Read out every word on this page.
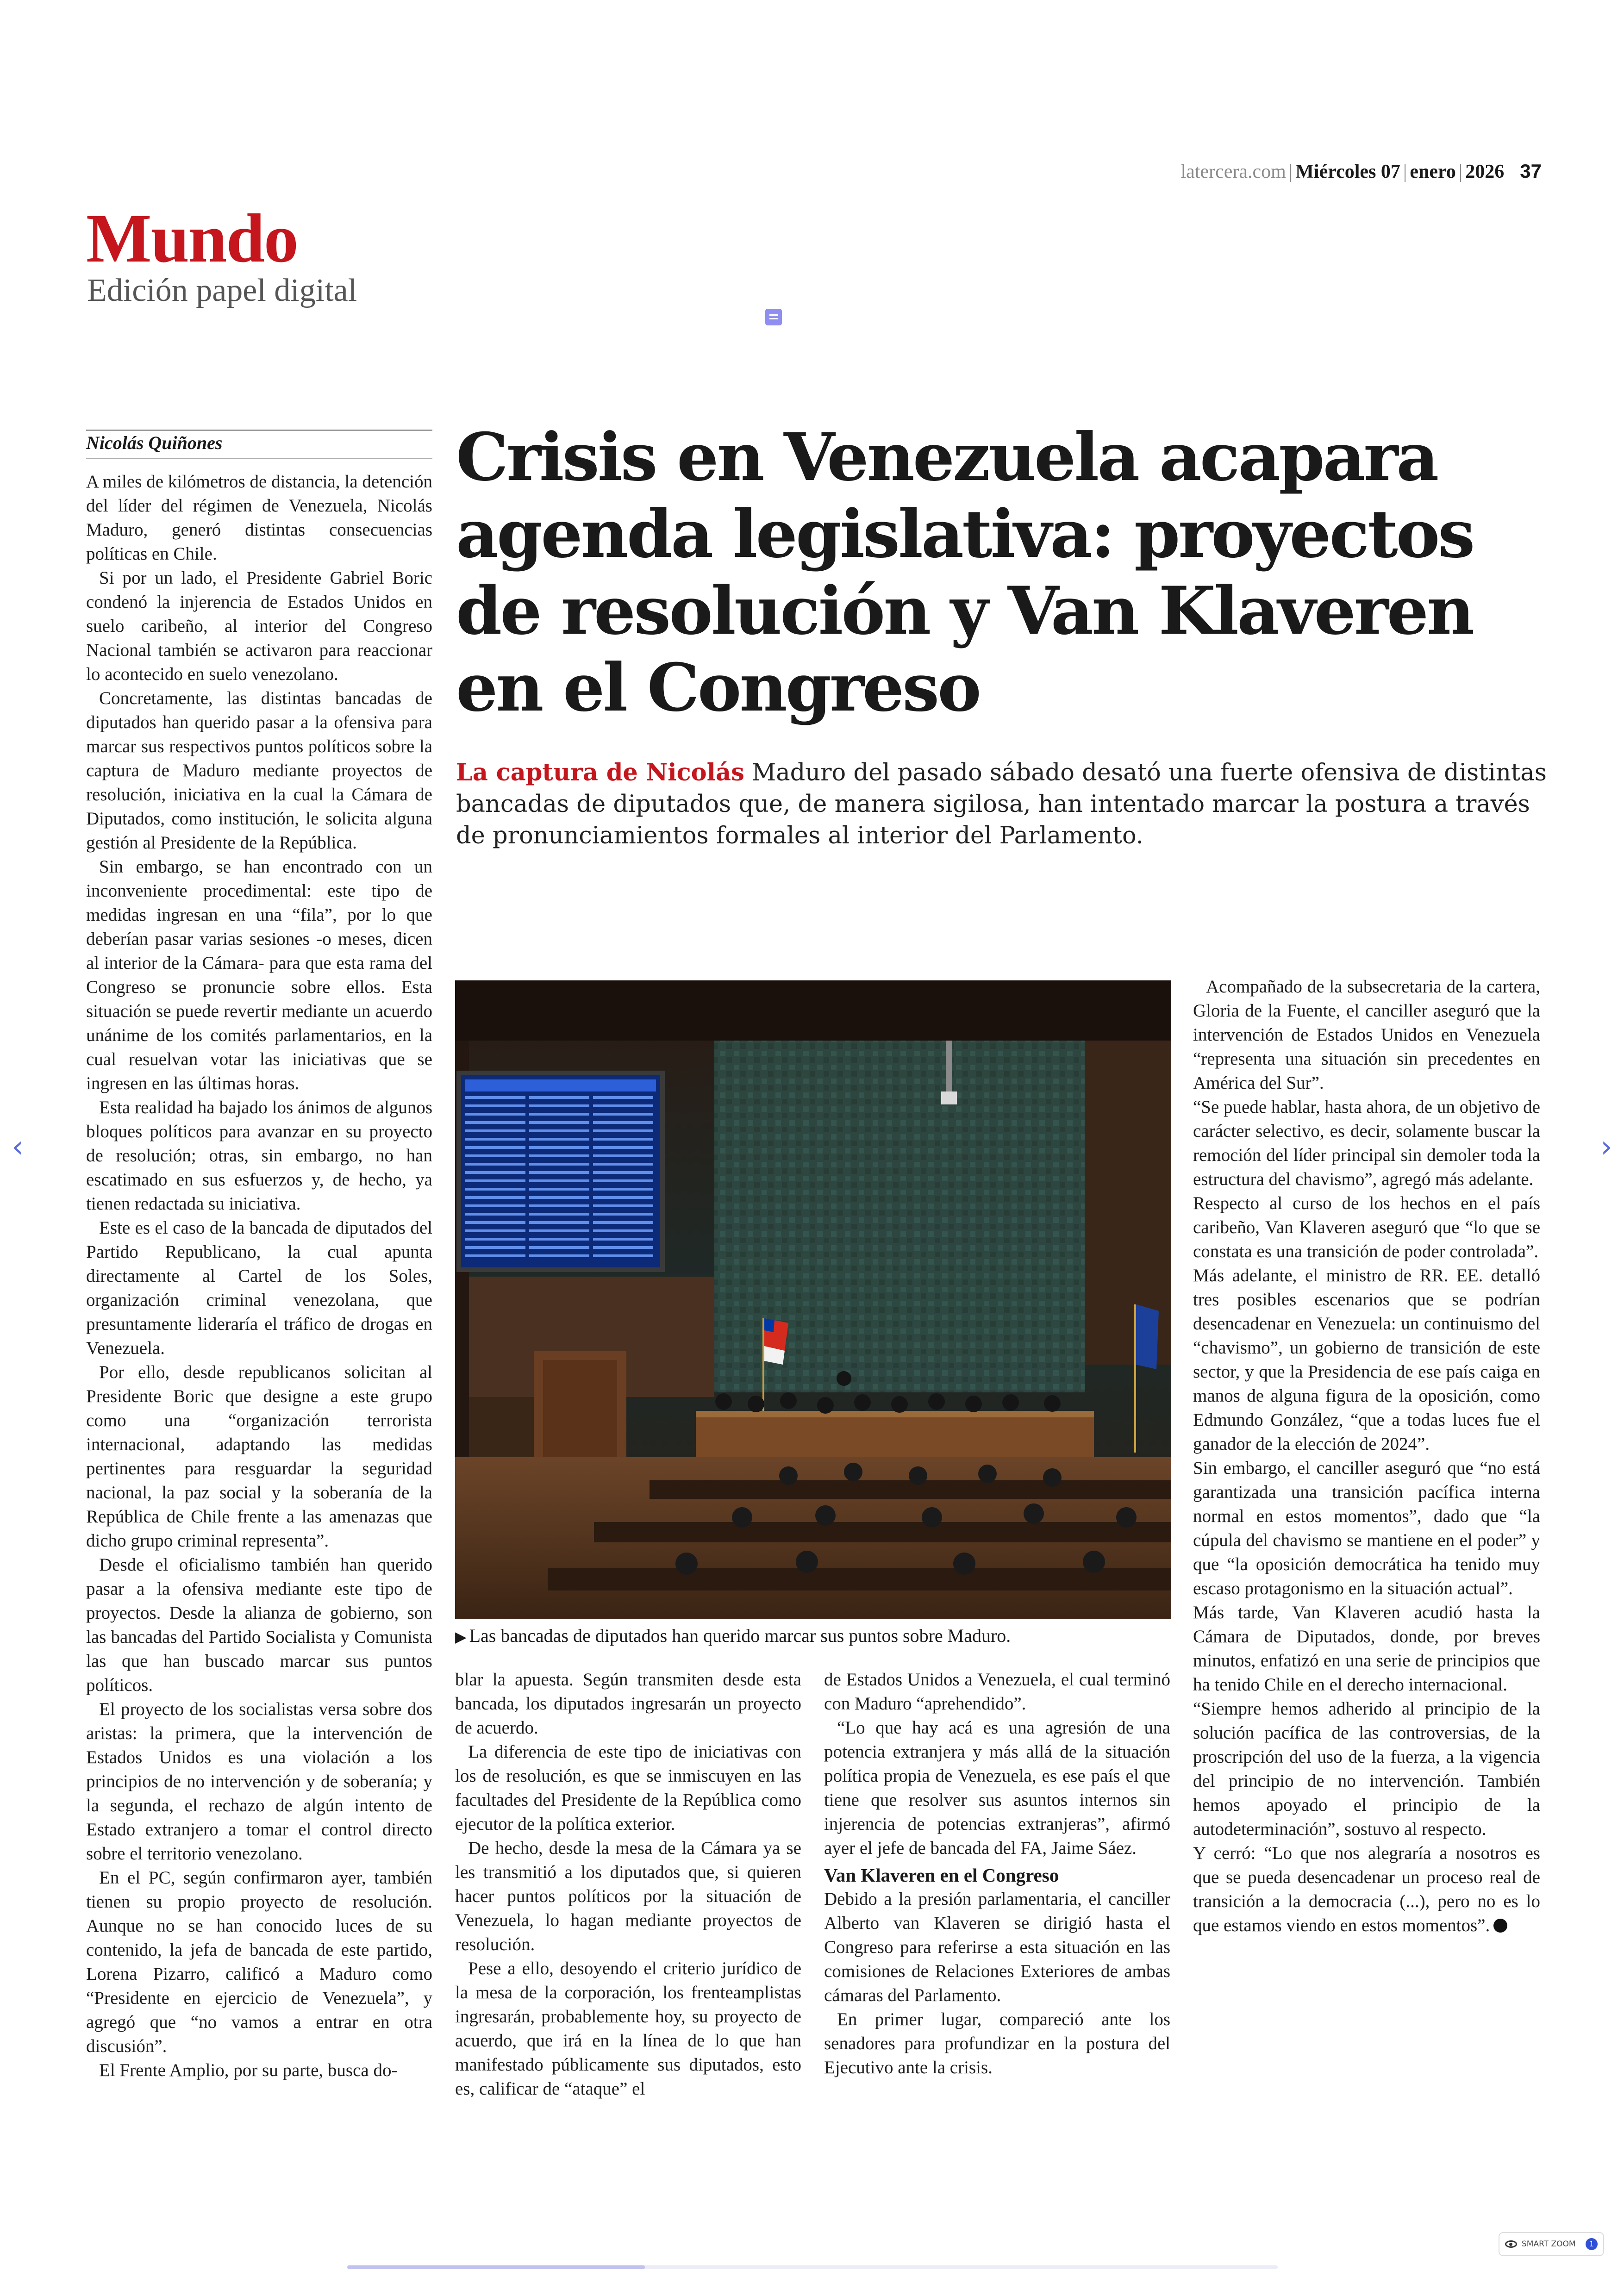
latercera.com | Miércoles 07 | enero | 2026 37
Mundo
Edición papel digital
Nicolás Quiñones	Crisis en Venezuela acapara agenda legislativa: proyectos de resolución y Van Klaveren en el Congreso

La captura de Nicolás Maduro del pasado sábado desató una fuerte ofensiva de distintas bancadas de diputados que, de manera sigilosa, han intentado marcar la postura a través de pronunciamientos formales al interior del Parlamento.

A miles de kilómetros de distancia, la detención del líder del régimen de Venezuela, Nicolás Maduro, generó distintas consecuencias políticas en Chile.

Si por un lado, el Presidente Gabriel Boric condenó la injerencia de Estados Unidos en suelo caribeño, al interior del Congreso Nacional también se activaron para reaccionar lo acontecido en suelo venezolano.

Concretamente, las distintas bancadas de diputados han querido pasar a la ofensiva para marcar sus respectivos puntos políticos sobre la captura de Maduro mediante proyectos de resolución, iniciativa en la cual la Cámara de Diputados, como institución, le solicita alguna gestión al Presidente de la República.

Sin embargo, se han encontrado con un inconveniente procedimental: este tipo de medidas ingresan en una “fila”, por lo que deberían pasar varias sesiones -o meses, dicen al interior de la Cámara- para que esta rama del Congreso se pronuncie sobre ellos. Esta situación se puede revertir mediante un acuerdo unánime de los comités parlamentarios, en la cual resuelvan votar las iniciativas que se ingresen en las últimas horas.

Esta realidad ha bajado los ánimos de algunos bloques políticos para avanzar en su proyecto de resolución; otras, sin embargo, no han escatimado en sus esfuerzos y, de hecho, ya tienen redactada su iniciativa.

Este es el caso de la bancada de diputados del Partido Republicano, la cual apunta directamente al Cartel de los Soles, organización criminal venezolana, que presuntamente lideraría el tráfico de drogas en Venezuela.

Por ello, desde republicanos solicitan al Presidente Boric que designe a este grupo como una “organización terrorista internacional, adaptando las medidas pertinentes para resguardar la seguridad nacional, la paz social y la soberanía de la República de Chile frente a las amenazas que dicho grupo criminal representa”.

Desde el oficialismo también han querido pasar a la ofensiva mediante este tipo de proyectos. Desde la alianza de gobierno, son las bancadas del Partido Socialista y Comunista las que han buscado marcar sus puntos políticos.

El proyecto de los socialistas versa sobre dos aristas: la primera, que la intervención de Estados Unidos es una violación a los principios de no intervención y de soberanía; y la segunda, el rechazo de algún intento de Estado extranjero a tomar el control directo sobre el territorio venezolano.

En el PC, según confirmaron ayer, también tienen su propio proyecto de resolución. Aunque no se han conocido luces de su contenido, la jefa de bancada de este partido, Lorena Pizarro, calificó a Maduro como “Presidente en ejercicio de Venezuela”, y agregó que “no vamos a entrar en otra discusión”.

El Frente Amplio, por su parte, busca do-

▶ Las bancadas de diputados han querido marcar sus puntos sobre Maduro.

blar la apuesta. Según transmiten desde esta bancada, los diputados ingresarán un proyecto de acuerdo.

La diferencia de este tipo de iniciativas con los de resolución, es que se inmiscuyen en las facultades del Presidente de la República como ejecutor de la política exterior.

De hecho, desde la mesa de la Cámara ya se les transmitió a los diputados que, si quieren hacer puntos políticos por la situación de Venezuela, lo hagan mediante proyectos de resolución.

Pese a ello, desoyendo el criterio jurídico de la mesa de la corporación, los frenteamplistas ingresarán, probablemente hoy, su proyecto de acuerdo, que irá en la línea de lo que han manifestado públicamente sus diputados, esto es, calificar de “ataque” el

de Estados Unidos a Venezuela, el cual terminó con Maduro “aprehendido”.

“Lo que hay acá es una agresión de una potencia extranjera y más allá de la situación política propia de Venezuela, es ese país el que tiene que resolver sus asuntos internos sin injerencia de potencias extranjeras”, afirmó ayer el jefe de bancada del FA, Jaime Sáez.

Van Klaveren en el Congreso

Debido a la presión parlamentaria, el canciller Alberto van Klaveren se dirigió hasta el Congreso para referirse a esta situación en las comisiones de Relaciones Exteriores de ambas cámaras del Parlamento.

En primer lugar, compareció ante los senadores para profundizar en la postura del Ejecutivo ante la crisis.

Acompañado de la subsecretaria de la cartera, Gloria de la Fuente, el canciller aseguró que la intervención de Estados Unidos en Venezuela “representa una situación sin precedentes en América del Sur”.

“Se puede hablar, hasta ahora, de un objetivo de carácter selectivo, es decir, solamente buscar la remoción del líder principal sin demoler toda la estructura del chavismo”, agregó más adelante.

Respecto al curso de los hechos en el país caribeño, Van Klaveren aseguró que “lo que se constata es una transición de poder controlada”.

Más adelante, el ministro de RR. EE. detalló tres posibles escenarios que se podrían desencadenar en Venezuela: un continuismo del “chavismo”, un gobierno de transición de este sector, y que la Presidencia de ese país caiga en manos de alguna figura de la oposición, como Edmundo González, “que a todas luces fue el ganador de la elección de 2024”.

Sin embargo, el canciller aseguró que “no está garantizada una transición pacífica interna normal en estos momentos”, dado que “la cúpula del chavismo se mantiene en el poder” y que “la oposición democrática ha tenido muy escaso protagonismo en la situación actual”.

Más tarde, Van Klaveren acudió hasta la Cámara de Diputados, donde, por breves minutos, enfatizó en una serie de principios que ha tenido Chile en el derecho internacional.

“Siempre hemos adherido al principio de la solución pacífica de las controversias, de la proscripción del uso de la fuerza, a la vigencia del principio de no intervención. También hemos apoyado el principio de la autodeterminación”, sostuvo al respecto.

Y cerró: “Lo que nos alegraría a nosotros es que se pueda desencadenar un proceso real de transición a la democracia (...), pero no es lo que estamos viendo en estos momentos”.

‹	›
SMART ZOOM	1
